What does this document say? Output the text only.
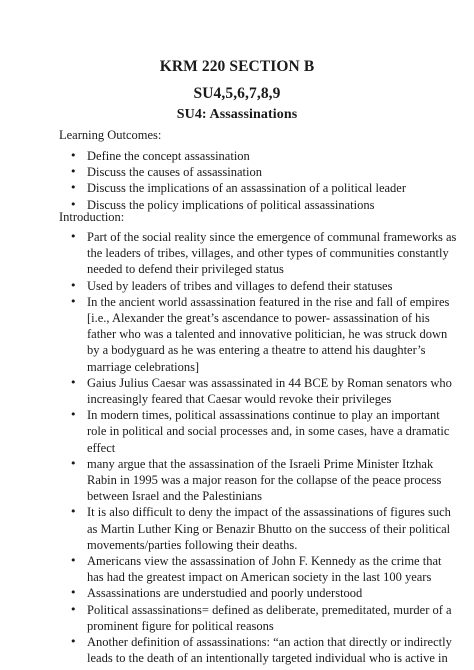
KRM 220 SECTION B
SU4,5,6,7,8,9
SU4: Assassinations
Learning Outcomes:
• Define the concept assassination
• Discuss the causes of assassination
• Discuss the implications of an assassination of a political leader
• Discuss the policy implications of political assassinations
Introduction:
• Part of the social reality since the emergence of communal frameworks as
the leaders of tribes, villages, and other types of communities constantly
needed to defend their privileged status
• Used by leaders of tribes and villages to defend their statuses
• In the ancient world assassination featured in the rise and fall of empires
[i.e., Alexander the great’s ascendance to power- assassination of his
father who was a talented and innovative politician, he was struck down
by a bodyguard as he was entering a theatre to attend his daughter’s
marriage celebrations]
• Gaius Julius Caesar was assassinated in 44 BCE by Roman senators who
increasingly feared that Caesar would revoke their privileges
• In modern times, political assassinations continue to play an important
role in political and social processes and, in some cases, have a dramatic
effect
• many argue that the assassination of the Israeli Prime Minister Itzhak
Rabin in 1995 was a major reason for the collapse of the peace process
between Israel and the Palestinians
• It is also difficult to deny the impact of the assassinations of figures such
as Martin Luther King or Benazir Bhutto on the success of their political
movements/parties following their deaths.
• Americans view the assassination of John F. Kennedy as the crime that
has had the greatest impact on American society in the last 100 years
• Assassinations are understudied and poorly understood
• Political assassinations= defined as deliberate, premeditated, murder of a
prominent figure for political reasons
• Another definition of assassinations: “an action that directly or indirectly
leads to the death of an intentionally targeted individual who is active in
